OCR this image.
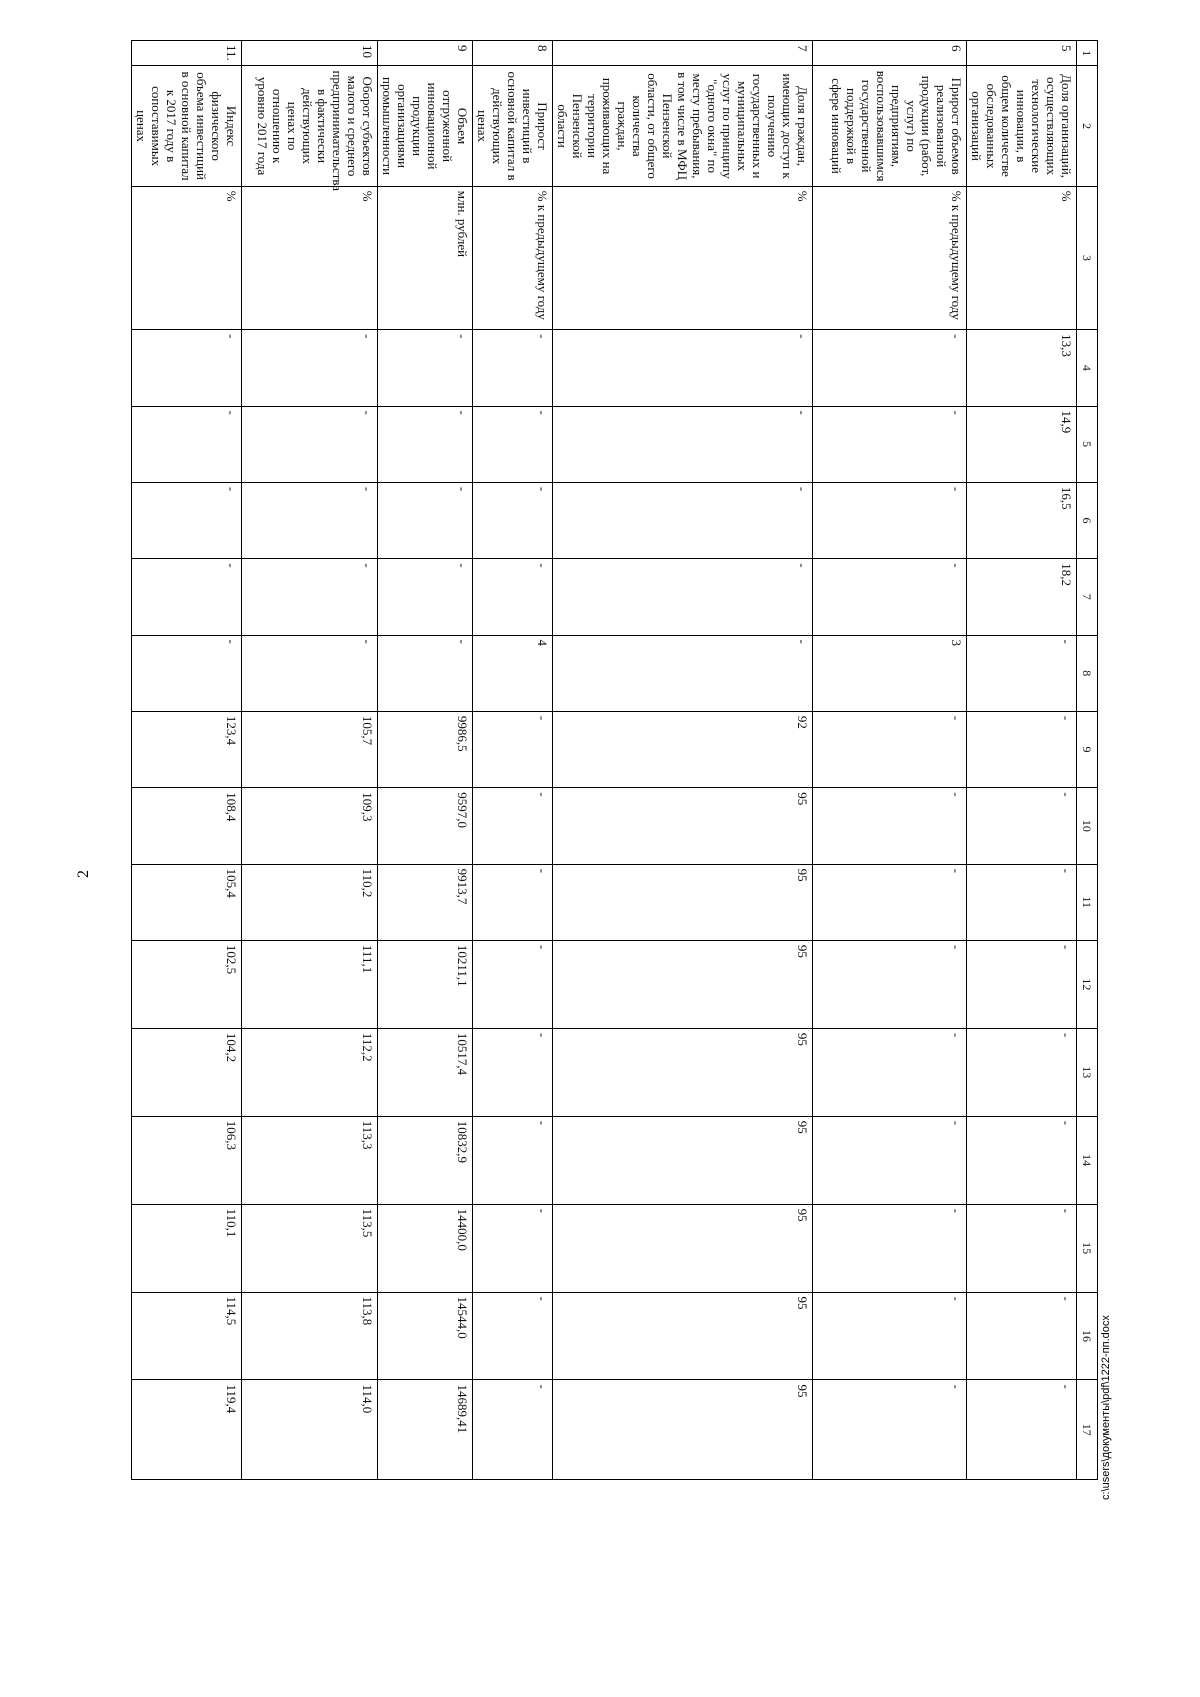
2
1	2	3	4	5	6	7	8	9	10	11	12	13	14	15	16	17
5	Доля организаций, осуществляющих технологические инновации, в общем количестве обследованных организаций	%	13,3	14,9	16,5	18,2	-	-	-	-	-	-	-	-	-	-
6	Прирост объемов реализованной продукции (работ, услуг) по предприятиям, воспользовавшимся государственной поддержкой в сфере инноваций	% к предыдущему году	-	-	-	-	3	-	-	-	-	-	-	-	-	-
7	Доля граждан, имеющих доступ к получению государственных и муниципальных услуг по принципу "одного окна" по месту пребывания, в том числе в МФЦ Пензенской области, от общего количества граждан, проживающих на территории Пензенской области	%	-	-	-	-	-	92	95	95	95	95	95	95	95	95
8	Прирост инвестиций в основной капитал в действующих ценах	% к предыдущему году	-	-	-	-	4	-	-	-	-	-	-	-	-	-
9	Объем отгруженной инновационной продукции организациями промышленности	млн. рублей	-	-	-	-	-	9986,5	9597,0	9913,7	10211,1	10517,4	10832,9	14400,0	14544,0	14689,41
10	Оборот субъектов малого и среднего предпринимательства в фактически действующих ценах по отношению к уровню 2017 года	%	-	-	-	-	-	105,7	109,3	110,2	111,1	112,2	113,3	113,5	113,8	114,0
11.	Индекс физического объема инвестиций в основной капитал к 2017 году в сопоставимых ценах	%	-	-	-	-	-	123,4	108,4	105,4	102,5	104,2	106,3	110,1	114,5	119,4	c:\users\документы\pdf\1222-пп.docx
